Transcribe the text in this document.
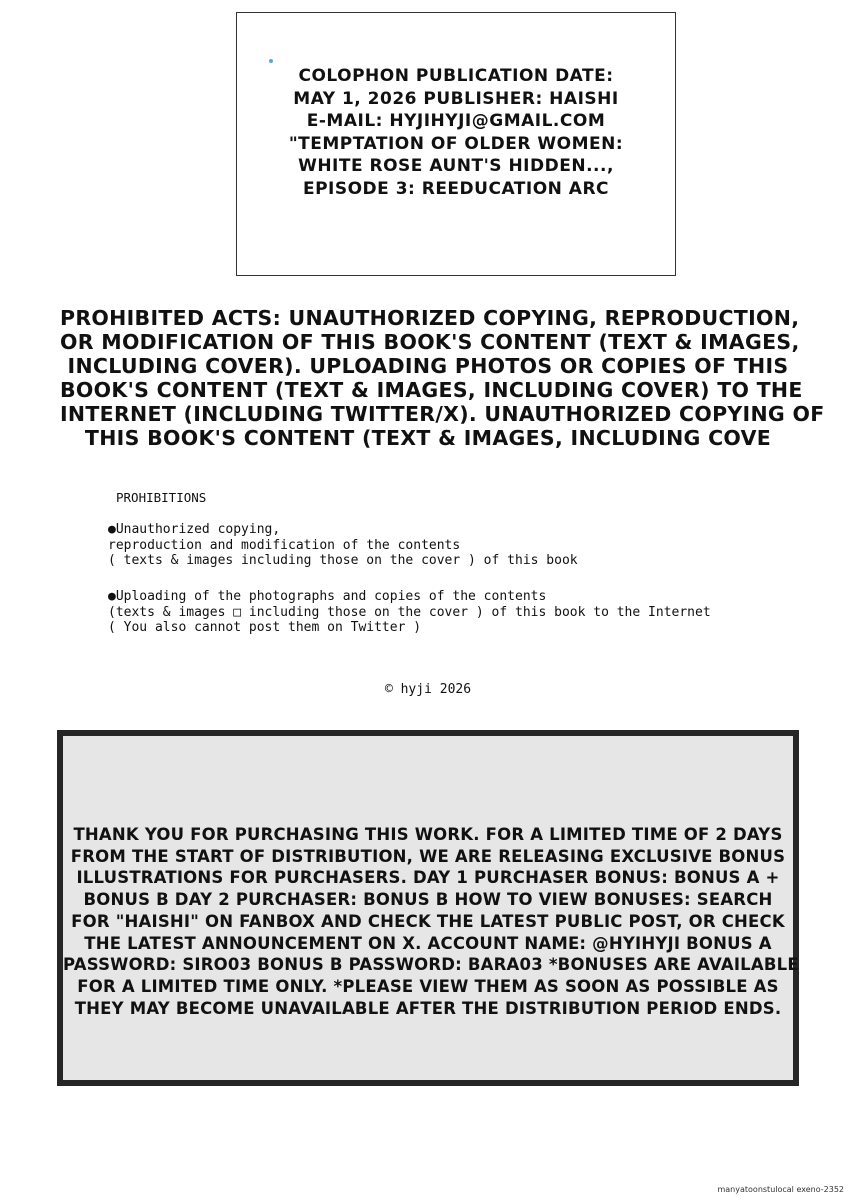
COLOPHON PUBLICATION DATE:
MAY 1, 2026 PUBLISHER: HAISHI
E-MAIL: HYJIHYJI@GMAIL.COM
"TEMPTATION OF OLDER WOMEN:
WHITE ROSE AUNT'S HIDDEN...,
EPISODE 3: REEDUCATION ARC
PROHIBITED ACTS: UNAUTHORIZED COPYING, REPRODUCTION,
OR MODIFICATION OF THIS BOOK'S CONTENT (TEXT & IMAGES,
INCLUDING COVER). UPLOADING PHOTOS OR COPIES OF THIS
BOOK'S CONTENT (TEXT & IMAGES, INCLUDING COVER) TO THE
INTERNET (INCLUDING TWITTER/X). UNAUTHORIZED COPYING OF
THIS BOOK'S CONTENT (TEXT & IMAGES, INCLUDING COVE
PROHIBITIONS
●Unauthorized copying,
reproduction and modification of the contents
( texts & images including those on the cover ) of this book
●Uploading of the photographs and copies of the contents
(texts & images □ including those on the cover ) of this book to the Internet
( You also cannot post them on Twitter )
© hyji 2026
THANK YOU FOR PURCHASING THIS WORK. FOR A LIMITED TIME OF 2 DAYS
FROM THE START OF DISTRIBUTION, WE ARE RELEASING EXCLUSIVE BONUS
ILLUSTRATIONS FOR PURCHASERS. DAY 1 PURCHASER BONUS: BONUS A +
BONUS B DAY 2 PURCHASER: BONUS B HOW TO VIEW BONUSES: SEARCH
FOR "HAISHI" ON FANBOX AND CHECK THE LATEST PUBLIC POST, OR CHECK
THE LATEST ANNOUNCEMENT ON X. ACCOUNT NAME: @HYIHYJI BONUS A
PASSWORD: SIRO03 BONUS B PASSWORD: BARA03 *BONUSES ARE AVAILABLE
FOR A LIMITED TIME ONLY. *PLEASE VIEW THEM AS SOON AS POSSIBLE AS
THEY MAY BECOME UNAVAILABLE AFTER THE DISTRIBUTION PERIOD ENDS.
manyatoonstulocal exeno-2352
